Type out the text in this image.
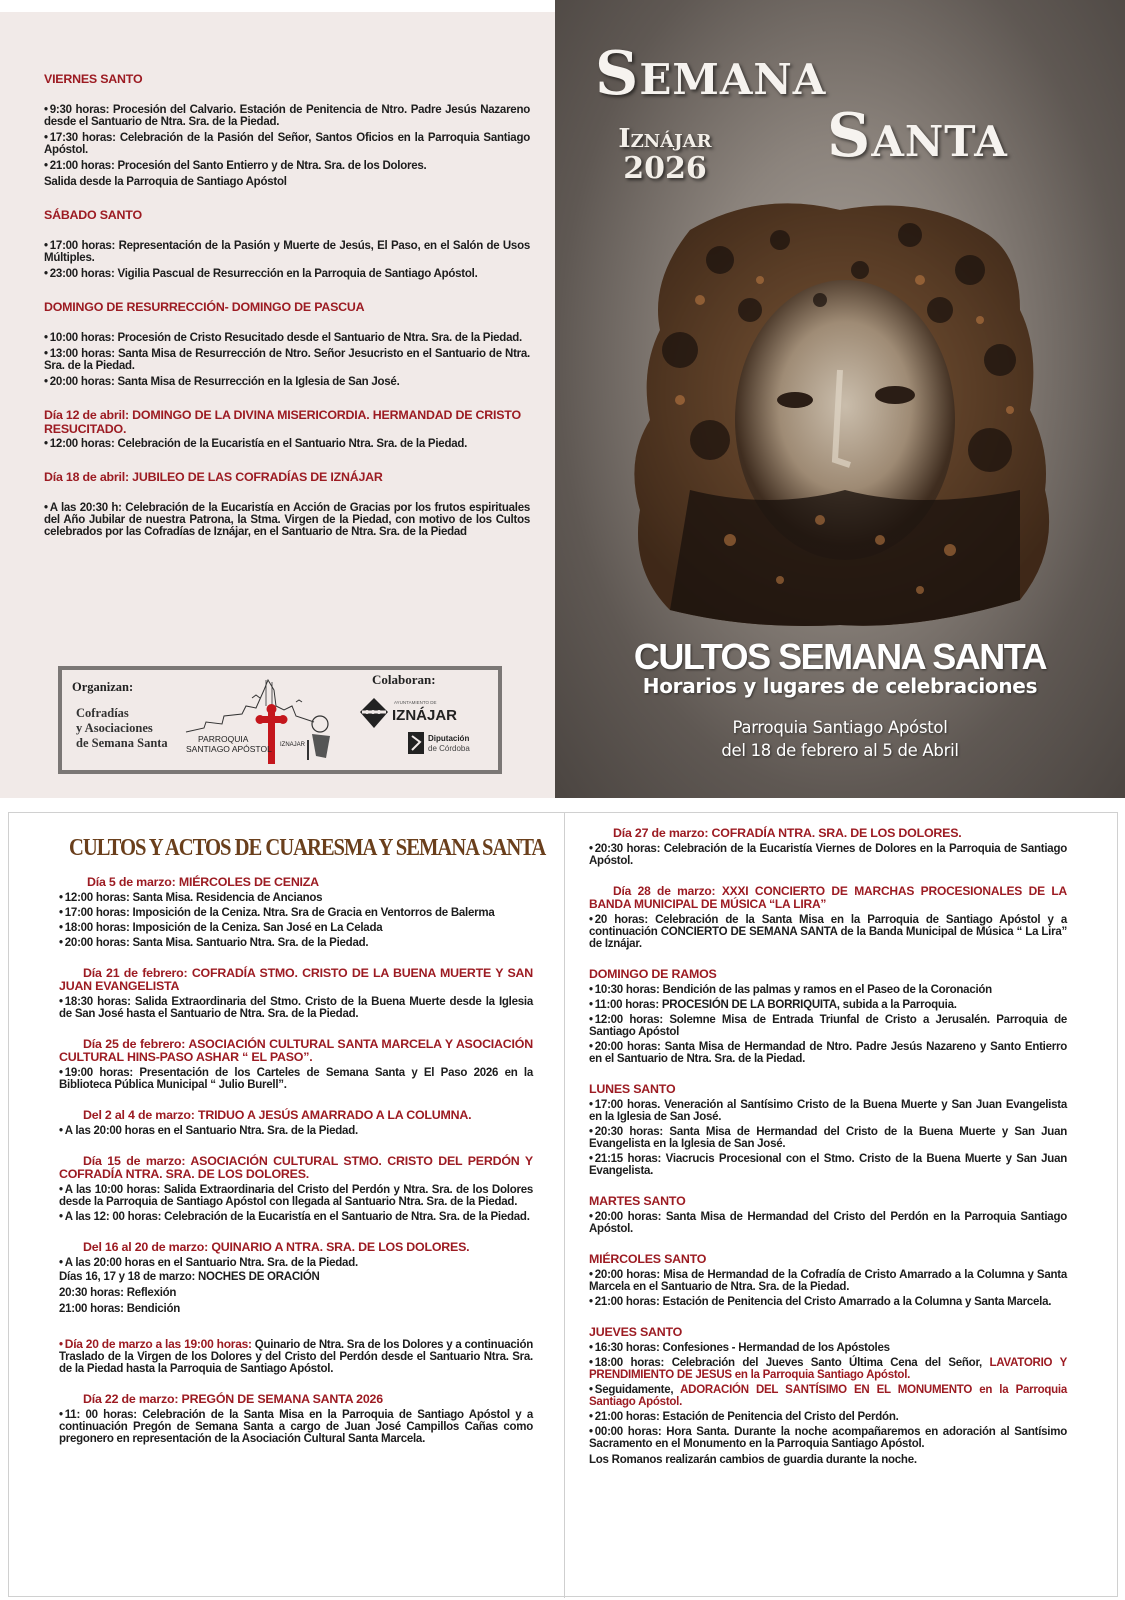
VIERNES SANTO
• 9:30 horas: Procesión del Calvario. Estación de Penitencia de Ntro. Padre Jesús Nazareno desde el Santuario de Ntra. Sra. de la Piedad.
• 17:30 horas: Celebración de la Pasión del Señor, Santos Oficios en la Parroquia Santiago Apóstol.
• 21:00 horas: Procesión del Santo Entierro y de Ntra. Sra. de los Dolores.
Salida desde la Parroquia de Santiago Apóstol
SÁBADO SANTO
• 17:00 horas: Representación de la Pasión y Muerte de Jesús, El Paso, en el Salón de Usos Múltiples.
• 23:00 horas: Vigilia Pascual de Resurrección en la Parroquia de Santiago Apóstol.
DOMINGO DE RESURRECCIÓN- DOMINGO DE PASCUA
• 10:00 horas: Procesión de Cristo Resucitado desde el Santuario de Ntra. Sra. de la Piedad.
• 13:00 horas: Santa Misa de Resurrección de Ntro. Señor Jesucristo en el Santuario de Ntra. Sra. de la Piedad.
• 20:00 horas: Santa Misa de Resurrección en la Iglesia de San José.
Día 12 de abril: DOMINGO DE LA DIVINA MISERICORDIA. HERMANDAD DE CRISTO RESUCITADO.
• 12:00 horas: Celebración de la Eucaristía en el Santuario Ntra. Sra. de la Piedad.
Día 18 de abril: JUBILEO DE LAS COFRADÍAS DE IZNÁJAR
• A las 20:30 h: Celebración de la Eucaristía en Acción de Gracias por los frutos espirituales del Año Jubilar de nuestra Patrona, la Stma. Virgen de la Piedad, con motivo de los Cultos celebrados por las Cofradías de Iznájar, en el Santuario de Ntra. Sra. de la Piedad
Organizan:
Cofradías
y Asociaciones
de Semana Santa	PARROQUIA
SANTIAGO APÓSTOL IZNAJAR
Colaboran:
AYUNTAMIENTO DE
IZNÁJAR
Diputación
de Córdoba
Semana
Iznájar
2026	Santa
CULTOS SEMANA SANTA
Horarios y lugares de celebraciones
Parroquia Santiago Apóstol
del 18 de febrero al 5 de Abril
CULTOS Y ACTOS DE CUARESMA Y SEMANA SANTA
Día 5 de marzo: MIÉRCOLES DE CENIZA
• 12:00 horas: Santa Misa. Residencia de Ancianos
• 17:00 horas: Imposición de la Ceniza. Ntra. Sra de Gracia en Ventorros de Balerma
• 18:00 horas: Imposición de la Ceniza. San José en La Celada
• 20:00 horas: Santa Misa. Santuario Ntra. Sra. de la Piedad.
Día 21 de febrero: COFRADÍA STMO. CRISTO DE LA BUENA MUERTE Y SAN JUAN EVANGELISTA
• 18:30 horas: Salida Extraordinaria del Stmo. Cristo de la Buena Muerte desde la Iglesia de San José hasta el Santuario de Ntra. Sra. de la Piedad.
Día 25 de febrero: ASOCIACIÓN CULTURAL SANTA MARCELA Y ASOCIACIÓN CULTURAL HINS-PASO ASHAR “ EL PASO”.
• 19:00 horas: Presentación de los Carteles de Semana Santa y El Paso 2026 en la Biblioteca Pública Municipal “ Julio Burell”.
Del 2 al 4 de marzo: TRIDUO A JESÚS AMARRADO A LA COLUMNA.
• A las 20:00 horas en el Santuario Ntra. Sra. de la Piedad.
Día 15 de marzo: ASOCIACIÓN CULTURAL STMO. CRISTO DEL PERDÓN Y COFRADÍA NTRA. SRA. DE LOS DOLORES.
• A las 10:00 horas: Salida Extraordinaria del Cristo del Perdón y Ntra. Sra. de los Dolores desde la Parroquia de Santiago Apóstol con llegada al Santuario Ntra. Sra. de la Piedad.
• A las 12: 00 horas: Celebración de la Eucaristía en el Santuario de Ntra. Sra. de la Piedad.
Del 16 al 20 de marzo: QUINARIO A NTRA. SRA. DE LOS DOLORES.
• A las 20:00 horas en el Santuario Ntra. Sra. de la Piedad.
Días 16, 17 y 18 de marzo: NOCHES DE ORACIÓN
20:30 horas: Reflexión
21:00 horas: Bendición
• Día 20 de marzo a las 19:00 horas: Quinario de Ntra. Sra de los Dolores y a continuación Traslado de la Virgen de los Dolores y del Cristo del Perdón desde el Santuario Ntra. Sra. de la Piedad hasta la Parroquia de Santiago Apóstol.
Día 22 de marzo: PREGÓN DE SEMANA SANTA 2026
• 11: 00 horas: Celebración de la Santa Misa en la Parroquia de Santiago Apóstol y a continuación Pregón de Semana Santa a cargo de Juan José Campillos Cañas como pregonero en representación de la Asociación Cultural Santa Marcela.
Día 27 de marzo: COFRADÍA NTRA. SRA. DE LOS DOLORES.
• 20:30 horas: Celebración de la Eucaristía Viernes de Dolores en la Parroquia de Santiago Apóstol.
Día 28 de marzo: XXXI CONCIERTO DE MARCHAS PROCESIONALES DE LA BANDA MUNICIPAL DE MÚSICA “LA LIRA”
• 20 horas: Celebración de la Santa Misa en la Parroquia de Santiago Apóstol y a continuación CONCIERTO DE SEMANA SANTA de la Banda Municipal de Música “ La Lira” de Iznájar.
DOMINGO DE RAMOS
• 10:30 horas: Bendición de las palmas y ramos en el Paseo de la Coronación
• 11:00 horas: PROCESIÓN DE LA BORRIQUITA, subida a la Parroquia.
• 12:00 horas: Solemne Misa de Entrada Triunfal de Cristo a Jerusalén. Parroquia de Santiago Apóstol
• 20:00 horas: Santa Misa de Hermandad de Ntro. Padre Jesús Nazareno y Santo Entierro en el Santuario de Ntra. Sra. de la Piedad.
LUNES SANTO
• 17:00 horas. Veneración al Santísimo Cristo de la Buena Muerte y San Juan Evangelista en la Iglesia de San José.
• 20:30 horas: Santa Misa de Hermandad del Cristo de la Buena Muerte y San Juan Evangelista en la Iglesia de San José.
• 21:15 horas: Viacrucis Procesional con el Stmo. Cristo de la Buena Muerte y San Juan Evangelista.
MARTES SANTO
• 20:00 horas: Santa Misa de Hermandad del Cristo del Perdón en la Parroquia Santiago Apóstol.
MIÉRCOLES SANTO
• 20:00 horas: Misa de Hermandad de la Cofradía de Cristo Amarrado a la Columna y Santa Marcela en el Santuario de Ntra. Sra. de la Piedad.
• 21:00 horas: Estación de Penitencia del Cristo Amarrado a la Columna y Santa Marcela.
JUEVES SANTO
• 16:30 horas: Confesiones - Hermandad de los Apóstoles
• 18:00 horas: Celebración del Jueves Santo Última Cena del Señor, LAVATORIO Y PRENDIMIENTO DE JESUS en la Parroquia Santiago Apóstol.
• Seguidamente, ADORACIÓN DEL SANTÍSIMO EN EL MONUMENTO en la Parroquia Santiago Apóstol.
• 21:00 horas: Estación de Penitencia del Cristo del Perdón.
• 00:00 horas: Hora Santa. Durante la noche acompañaremos en adoración al Santísimo Sacramento en el Monumento en la Parroquia Santiago Apóstol.
Los Romanos realizarán cambios de guardia durante la noche.
